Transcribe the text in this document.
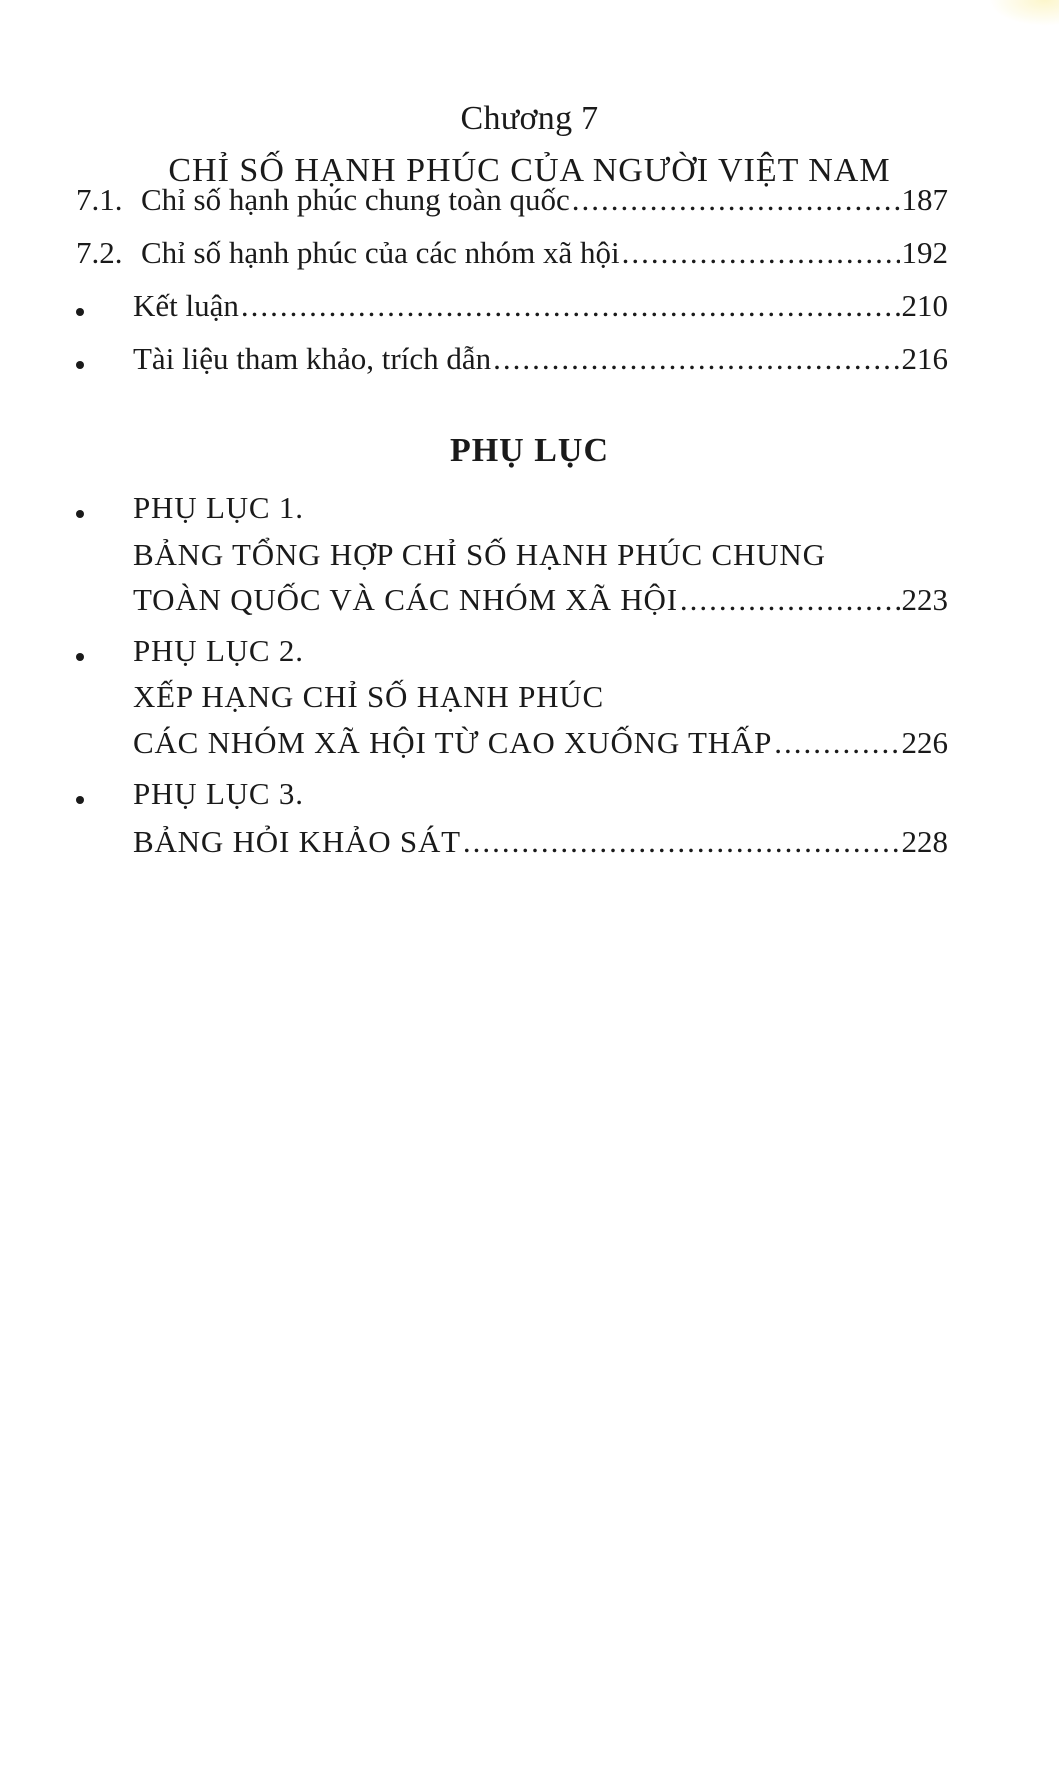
Chương 7
CHỈ SỐ HẠNH PHÚC CỦA NGƯỜI VIỆT NAM
7.1. Chỉ số hạnh phúc chung toàn quốc .....	187
7.2. Chỉ số hạnh phúc của các nhóm xã hội .....	192
Kết luận .....	210
Tài liệu tham khảo, trích dẫn .....	216
PHỤ LỤC
PHỤ LỤC 1.
BẢNG TỔNG HỢP CHỈ SỐ HẠNH PHÚC CHUNG
TOÀN QUỐC VÀ CÁC NHÓM XÃ HỘI .....	223
PHỤ LỤC 2.
XẾP HẠNG CHỈ SỐ HẠNH PHÚC
CÁC NHÓM XÃ HỘI TỪ CAO XUỐNG THẤP .....	226
PHỤ LỤC 3.
BẢNG HỎI KHẢO SÁT .....	228
